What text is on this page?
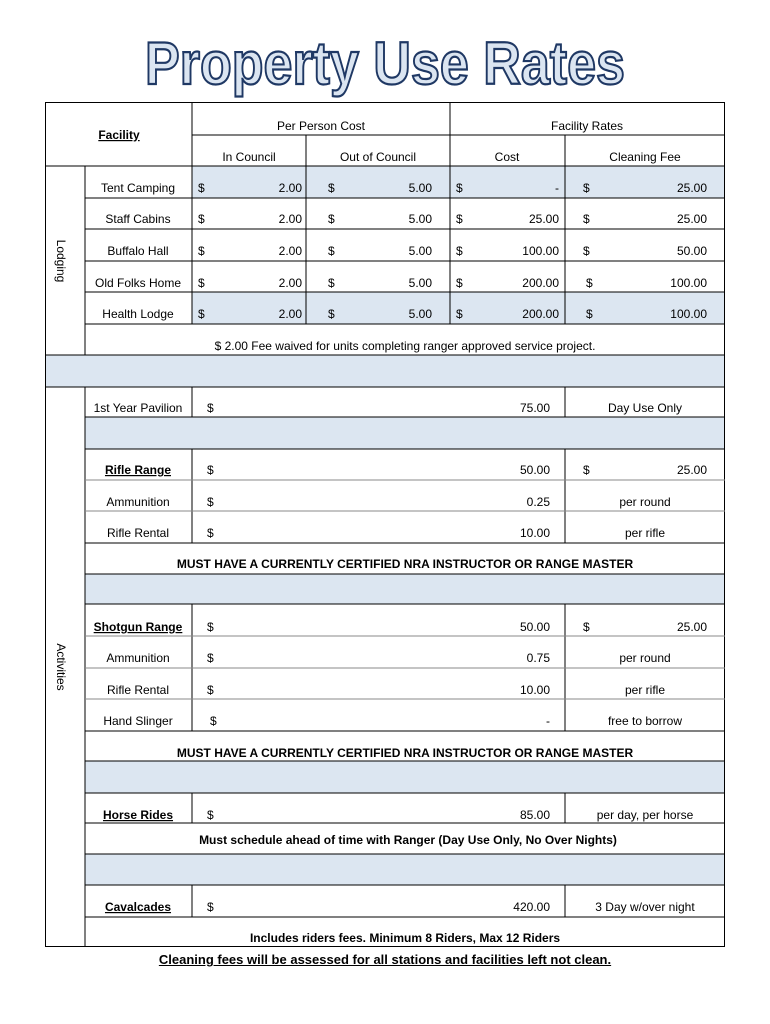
Property Use Rates
Facility
Per Person Cost	Facility Rates
In Council	Out of Council	Cost	Cleaning Fee
Lodging
Activities
Tent Camping $	2.00 $	5.00 $	- $	25.00
Staff Cabins $	2.00 $	5.00 $	25.00 $	25.00
Buffalo Hall $	2.00 $	5.00 $	100.00 $	50.00
Old Folks Home $	2.00 $	5.00 $	200.00 $	100.00
Health Lodge $	2.00 $	5.00 $	200.00 $	100.00
$ 2.00 Fee waived for units completing ranger approved service project.
1st Year Pavilion $	75.00	Day Use Only
Rifle Range	$	50.00	$	25.00
Ammunition	$	0.25	per round
Rifle Rental	$	10.00	per rifle
MUST HAVE A CURRENTLY CERTIFIED NRA INSTRUCTOR OR RANGE MASTER
Shotgun Range $	50.00	$	25.00
Ammunition	$	0.75	per round
Rifle Rental	$	10.00	per rifle
Hand Slinger	$	-	free to borrow
MUST HAVE A CURRENTLY CERTIFIED NRA INSTRUCTOR OR RANGE MASTER
Horse Rides	$	85.00	per day, per horse
Must schedule ahead of time with Ranger (Day Use Only, No Over Nights)
Cavalcades	$	420.00	3 Day w/over night
Includes riders fees. Minimum 8 Riders, Max 12 Riders
Cleaning fees will be assessed for all stations and facilities left not clean.
